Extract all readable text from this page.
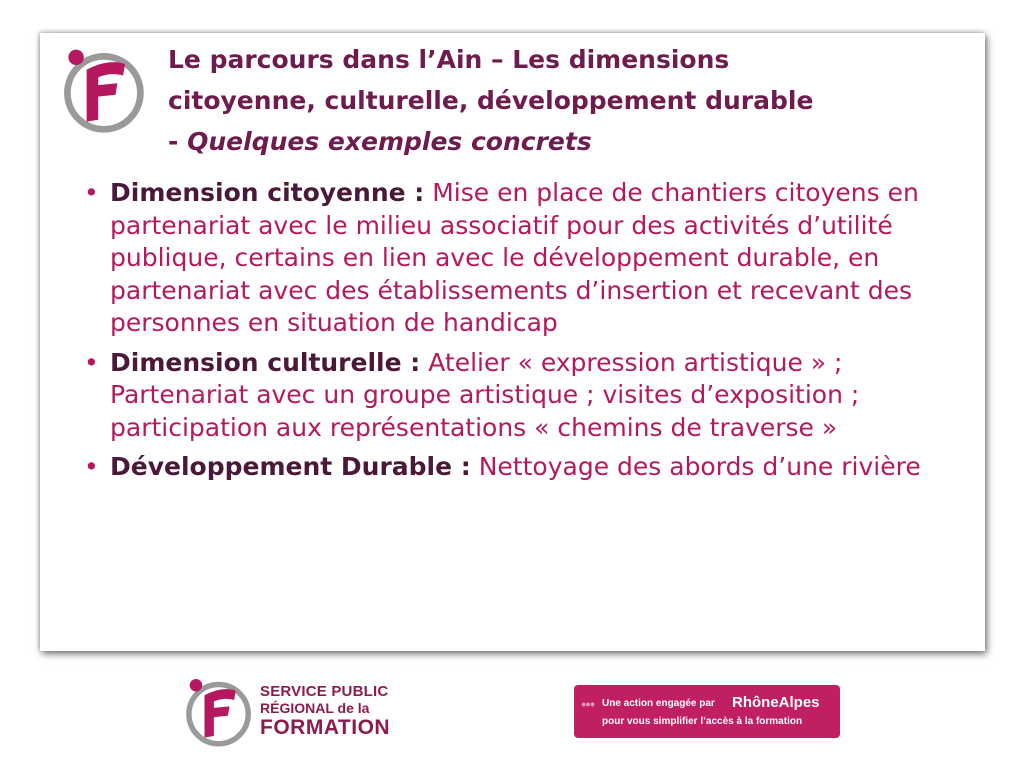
Le parcours dans l’Ain – Les dimensions
citoyenne, culturelle, développement durable
- Quelques exemples concrets
• Dimension citoyenne : Mise en place de chantiers citoyens en partenariat avec le milieu associatif pour des activités d’utilité publique, certains en lien avec le développement durable, en partenariat avec des établissements d’insertion et recevant des personnes en situation de handicap
• Dimension culturelle : Atelier « expression artistique » ; Partenariat avec un groupe artistique ; visites d’exposition ; participation aux représentations « chemins de traverse »
• Développement Durable : Nettoyage des abords d’une rivière
SERVICE PUBLIC
RÉGIONAL de la
FORMATION
●●● Une action engagée par RhôneAlpes
pour vous simplifier l’accès à la formation
